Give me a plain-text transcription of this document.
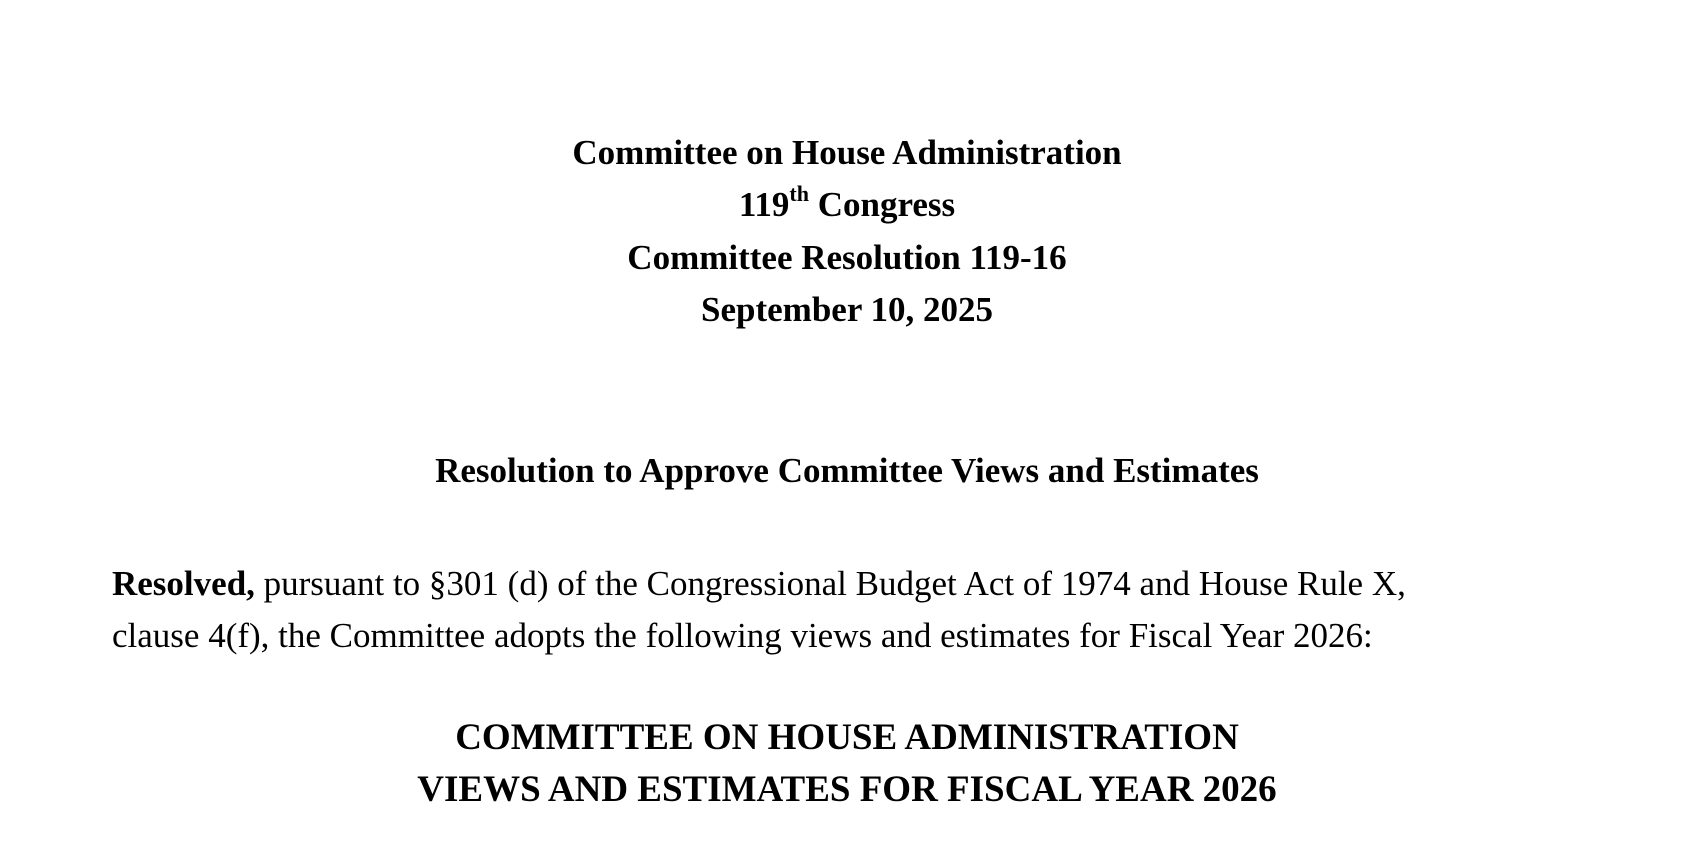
Committee on House Administration
119th Congress
Committee Resolution 119-16
September 10, 2025
Resolution to Approve Committee Views and Estimates
Resolved, pursuant to §301 (d) of the Congressional Budget Act of 1974 and House Rule X,
clause 4(f), the Committee adopts the following views and estimates for Fiscal Year 2026:
COMMITTEE ON HOUSE ADMINISTRATION
VIEWS AND ESTIMATES FOR FISCAL YEAR 2026
